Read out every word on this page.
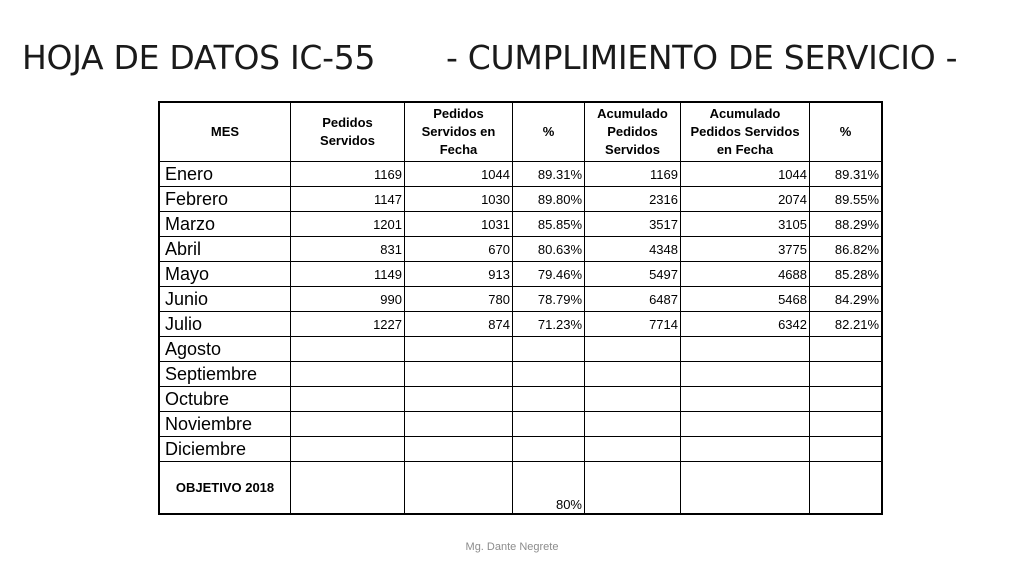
HOJA DE DATOS IC-55 - CUMPLIMIENTO DE SERVICIO -
MES	Pedidos Servidos	Pedidos Servidos en Fecha	%	Acumulado Pedidos Servidos	Acumulado Pedidos Servidos en Fecha	%
Enero	1169	1044	89.31%	1169	1044	89.31%
Febrero	1147	1030	89.80%	2316	2074	89.55%
Marzo	1201	1031	85.85%	3517	3105	88.29%
Abril	831	670	80.63%	4348	3775	86.82%
Mayo	1149	913	79.46%	5497	4688	85.28%
Junio	990	780	78.79%	6487	5468	84.29%
Julio	1227	874	71.23%	7714	6342	82.21%
Agosto						
Septiembre						
Octubre						
Noviembre						
Diciembre						
OBJETIVO 2018			80%			
Mg. Dante Negrete
